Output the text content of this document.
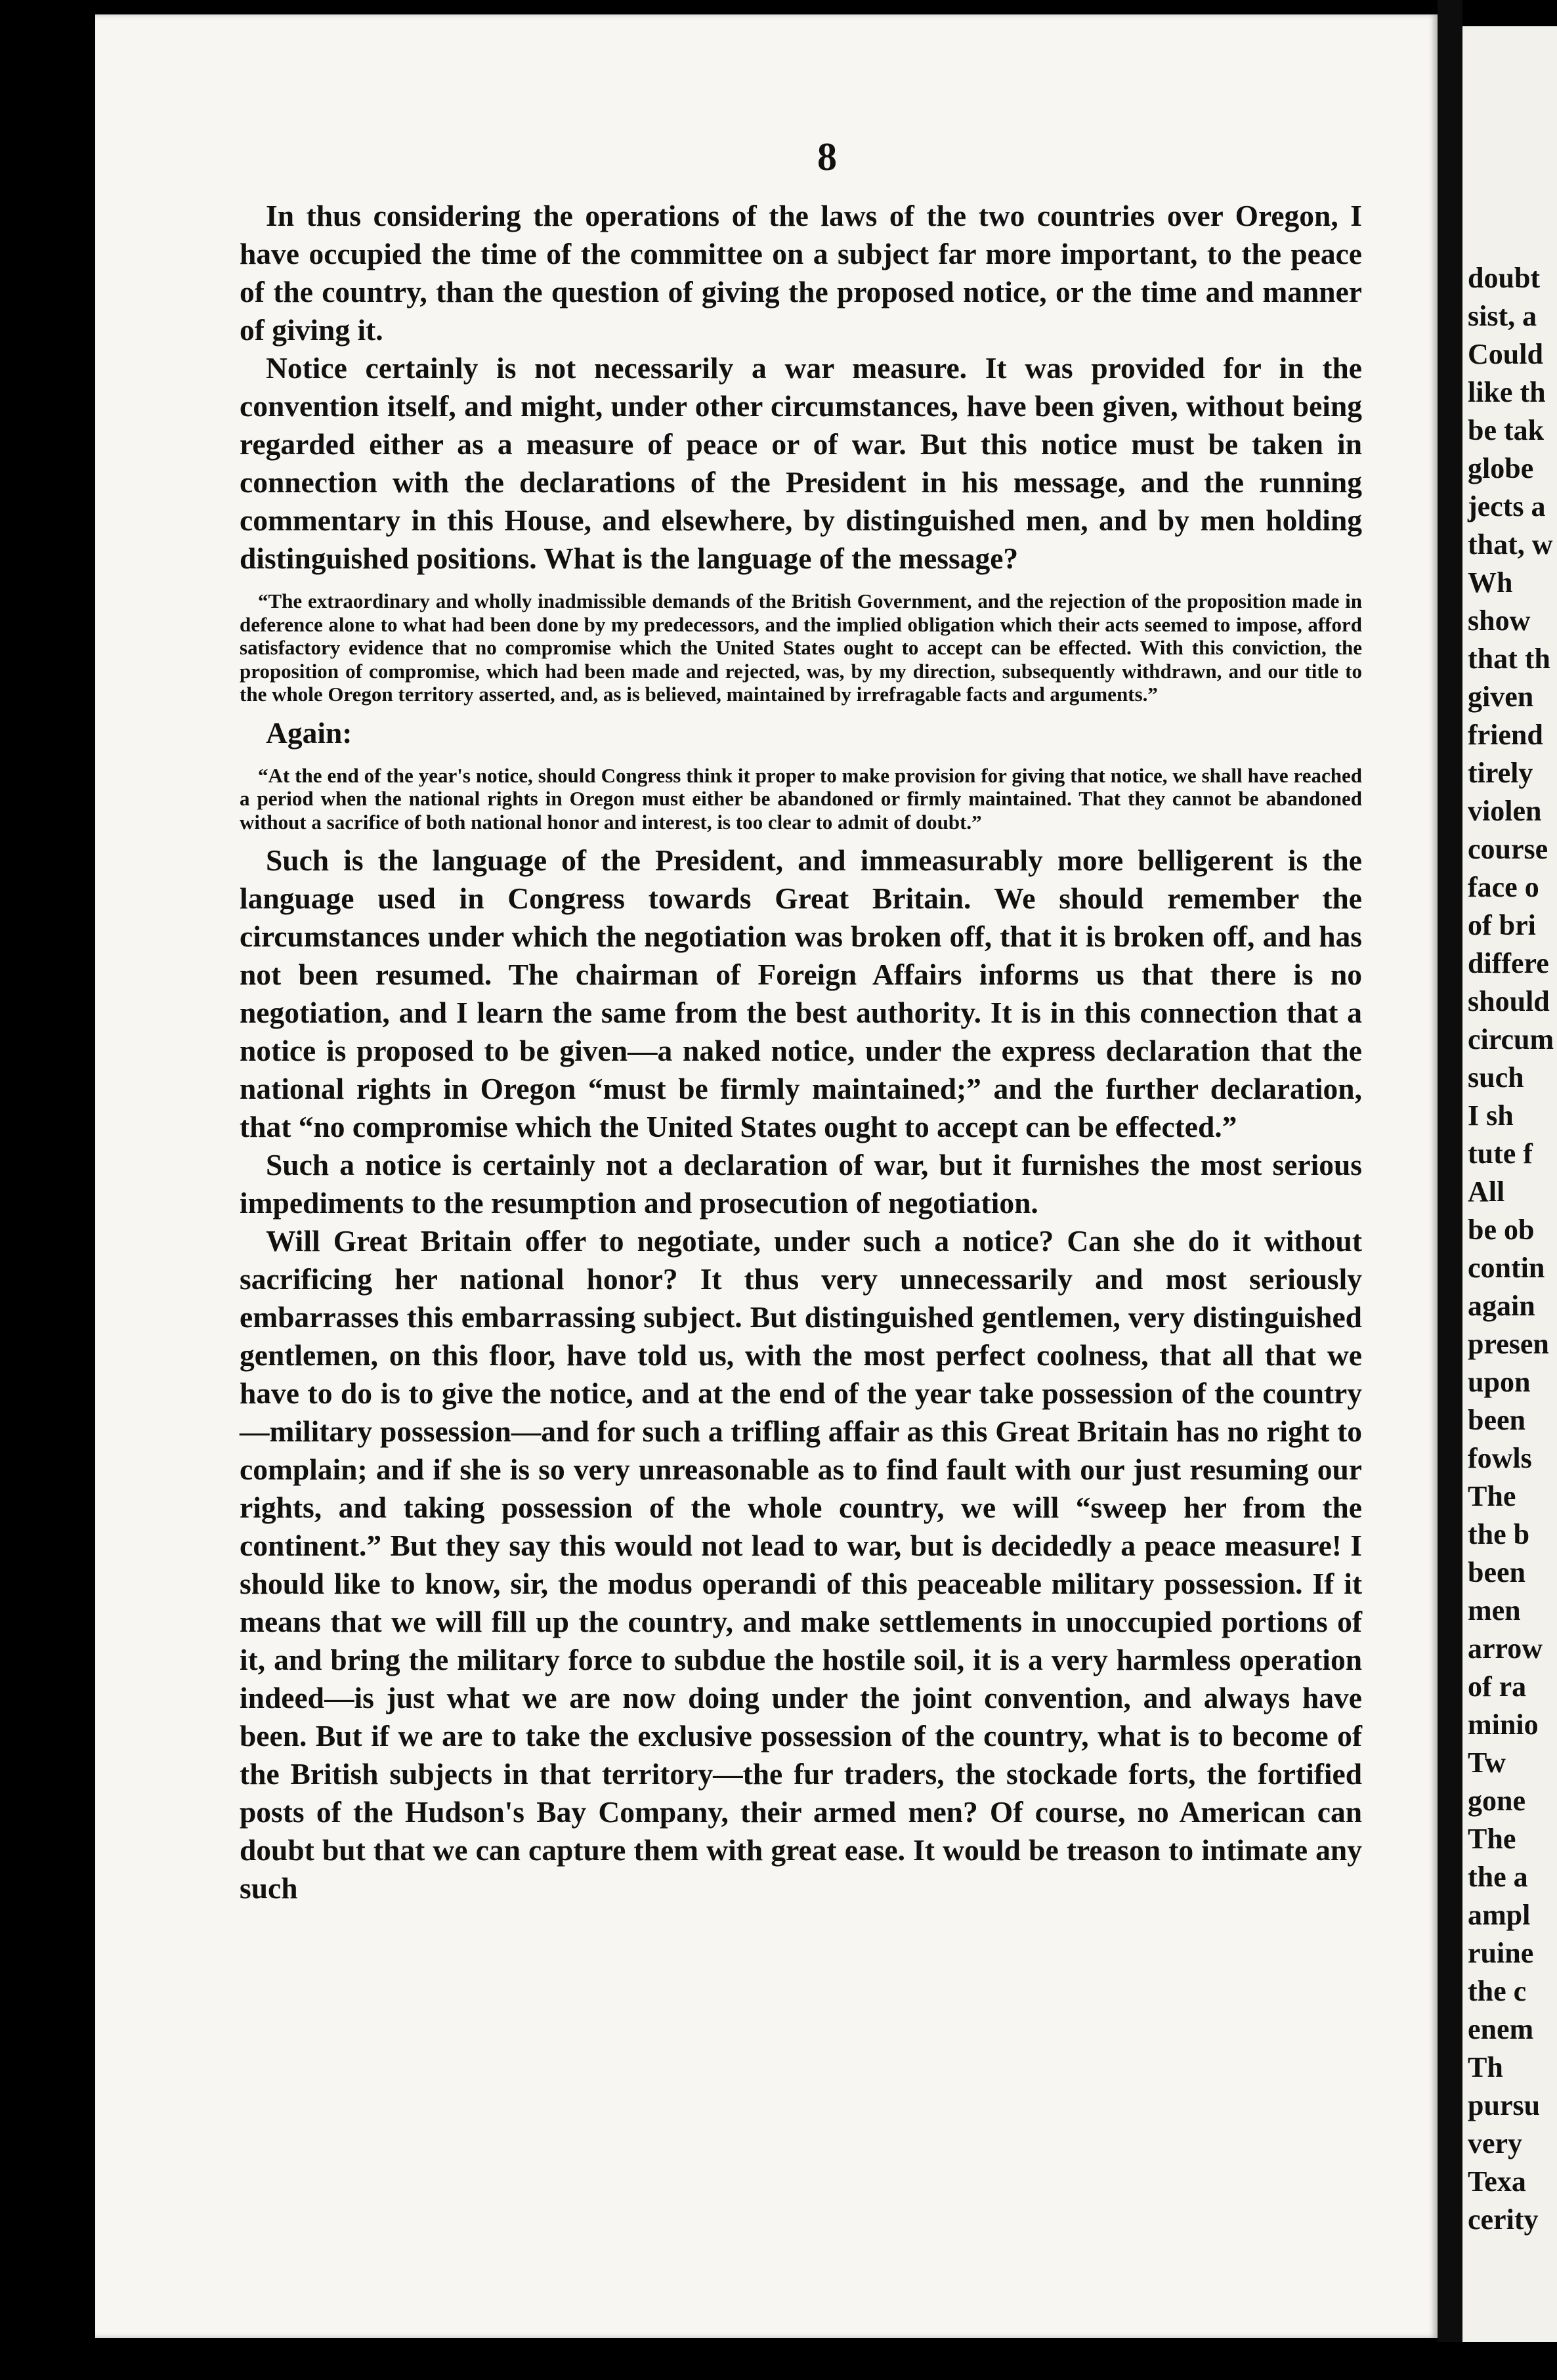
8

In thus considering the operations of the laws of the two countries over Oregon, I have occupied the time of the committee on a subject far more important, to the peace of the country, than the question of giving the proposed notice, or the time and manner of giving it.

Notice certainly is not necessarily a war measure. It was provided for in the convention itself, and might, under other circumstances, have been given, without being regarded either as a measure of peace or of war. But this notice must be taken in connection with the declarations of the President in his message, and the running commentary in this House, and elsewhere, by distinguished men, and by men holding distinguished positions. What is the language of the message?

“The extraordinary and wholly inadmissible demands of the British Government, and the rejection of the proposition made in deference alone to what had been done by my predecessors, and the implied obligation which their acts seemed to impose, afford satisfactory evidence that no compromise which the United States ought to accept can be effected. With this conviction, the proposition of compromise, which had been made and rejected, was, by my direction, subsequently withdrawn, and our title to the whole Oregon territory asserted, and, as is believed, maintained by irrefragable facts and arguments.”

Again:

“At the end of the year's notice, should Congress think it proper to make provision for giving that notice, we shall have reached a period when the national rights in Oregon must either be abandoned or firmly maintained. That they cannot be abandoned without a sacrifice of both national honor and interest, is too clear to admit of doubt.”

Such is the language of the President, and immeasurably more belligerent is the language used in Congress towards Great Britain. We should remember the circumstances under which the negotiation was broken off, that it is broken off, and has not been resumed. The chairman of Foreign Affairs informs us that there is no negotiation, and I learn the same from the best authority. It is in this connection that a notice is proposed to be given—a naked notice, under the express declaration that the national rights in Oregon “must be firmly maintained;” and the further declaration, that “no compromise which the United States ought to accept can be effected.”

Such a notice is certainly not a declaration of war, but it furnishes the most serious impediments to the resumption and prosecution of negotiation.

Will Great Britain offer to negotiate, under such a notice? Can she do it without sacrificing her national honor? It thus very unnecessarily and most seriously embarrasses this embarrassing subject. But distinguished gentlemen, very distinguished gentlemen, on this floor, have told us, with the most perfect coolness, that all that we have to do is to give the notice, and at the end of the year take possession of the country—military possession—and for such a trifling affair as this Great Britain has no right to complain; and if she is so very unreasonable as to find fault with our just resuming our rights, and taking possession of the whole country, we will “sweep her from the continent.” But they say this would not lead to war, but is decidedly a peace measure! I should like to know, sir, the modus operandi of this peaceable military possession. If it means that we will fill up the country, and make settlements in unoccupied portions of it, and bring the military force to subdue the hostile soil, it is a very harmless operation indeed—is just what we are now doing under the joint convention, and always have been. But if we are to take the exclusive possession of the country, what is to become of the British subjects in that territory—the fur traders, the stockade forts, the fortified posts of the Hudson's Bay Company, their armed men? Of course, no American can doubt but that we can capture them with great ease. It would be treason to intimate any such

doubt
sist, a
Could
like th
be tak
globe
jects a
that, w
Wh
show
that th
given
friend
tirely
violen
course
face o
of bri
differe
should
circum
such
I sh
tute f
All
be ob
contin
again
presen
upon
been
fowls
The
the b
been
men
arrow
of ra
minio
Tw
gone
The
the a
ampl
ruine
the c
enem
Th
pursu
very
Texa
cerity
